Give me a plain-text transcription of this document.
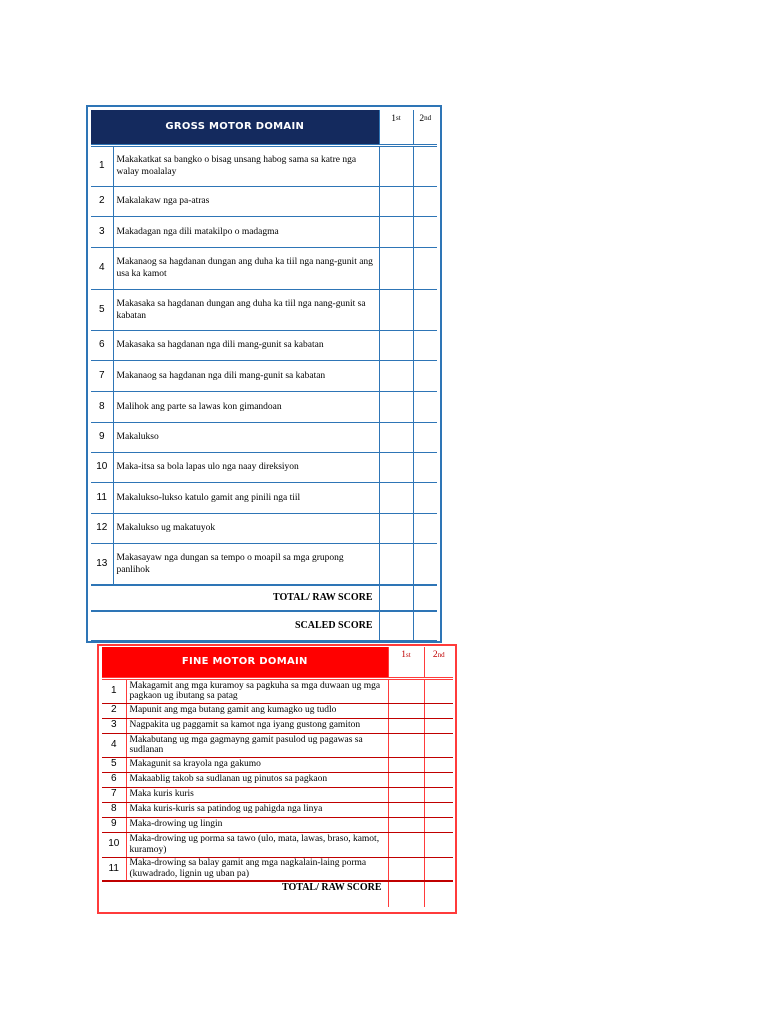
GROSS MOTOR DOMAIN		1st	2nd
1	Makakatkat sa bangko o bisag unsang habog sama sa katre nga walay moalalay		
2	Makalakaw nga pa-atras		
3	Makadagan nga dili matakilpo o madagma		
4	Makanaog sa hagdanan dungan ang duha ka tiil nga nang-gunit ang usa ka kamot		
5	Makasaka sa hagdanan dungan ang duha ka tiil nga nang-gunit sa kabatan		
6	Makasaka sa hagdanan nga dili mang-gunit sa kabatan		
7	Makanaog sa hagdanan nga dili mang-gunit sa kabatan		
8	Malihok ang parte sa lawas kon gimandoan		
9	Makalukso		
10	Maka-itsa sa bola lapas ulo nga naay direksiyon		
11	Makalukso-lukso katulo gamit ang pinili nga tiil		
12	Makalukso ug makatuyok		
13	Makasayaw nga dungan sa tempo o moapil sa mga grupong panlihok		
TOTAL/ RAW SCORE			
SCALED SCORE			
FINE MOTOR DOMAIN		1st	2nd
1	Makagamit ang mga kuramoy sa pagkuha sa mga duwaan ug mga pagkaon ug ibutang sa patag		
2	Mapunit ang mga butang gamit ang kumagko ug tudlo		
3	Nagpakita ug paggamit sa kamot nga iyang gustong gamiton		
4	Makabutang ug mga gagmayng gamit pasulod ug pagawas sa sudlanan		
5	Makagunit sa krayola nga gakumo		
6	Makaablig takob sa sudlanan ug pinutos sa pagkaon		
7	Maka kuris kuris		
8	Maka kuris-kuris sa patindog ug pahigda nga linya		
9	Maka-drowing ug lingin		
10	Maka-drowing ug porma sa tawo (ulo, mata, lawas, braso, kamot, kuramoy)		
11	Maka-drowing sa balay gamit ang mga nagkalain-laing porma (kuwadrado, lignin ug uban pa)		
TOTAL/ RAW SCORE			
